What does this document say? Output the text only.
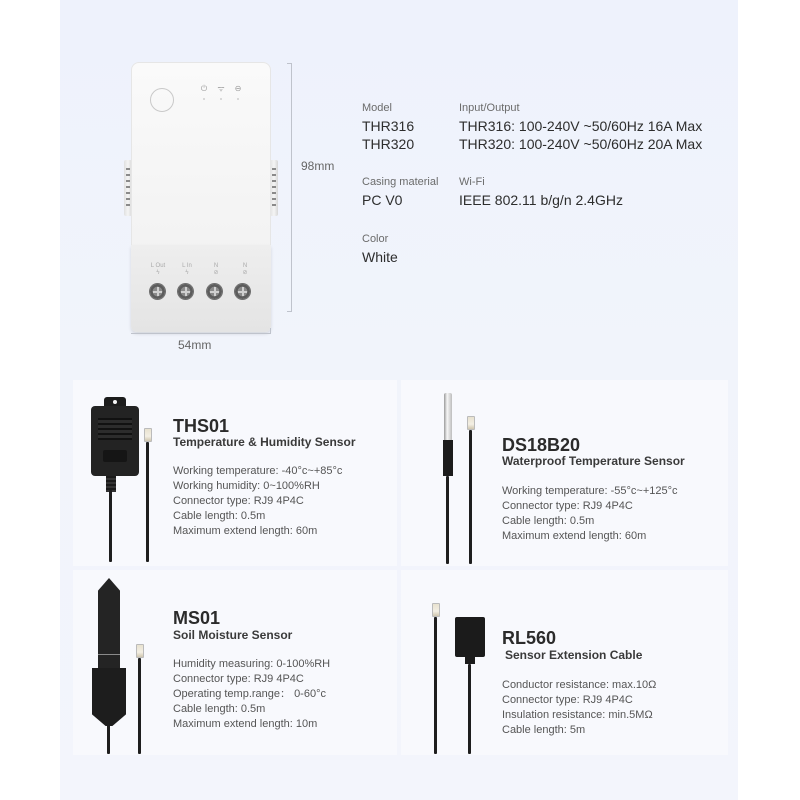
⏻ ᯤ ⊖
L Out
ϟ
L In
ϟ
N
⊘
N
⊘
98mm
54mm
Model
THR316
THR320
Input/Output
THR316: 100-240V ~50/60Hz 16A Max
THR320: 100-240V ~50/60Hz 20A Max
Casing material
PC V0
Wi-Fi
IEEE 802.11 b/g/n 2.4GHz
Color
White
THS01
Temperature & Humidity Sensor
Working temperature: -40°c~+85°c
Working humidity: 0~100%RH
Connector type: RJ9 4P4C
Cable length: 0.5m
Maximum extend length: 60m
DS18B20
Waterproof Temperature Sensor
Working temperature: -55°c~+125°c
Connector type: RJ9 4P4C
Cable length: 0.5m
Maximum extend length: 60m
MS01
Soil Moisture Sensor
Humidity measuring: 0-100%RH
Connector type: RJ9 4P4C
Operating temp.range： 0-60°c
Cable length: 0.5m
Maximum extend length: 10m
RL560
Sensor Extension Cable
Conductor resistance: max.10Ω
Connector type: RJ9 4P4C
Insulation resistance: min.5MΩ
Cable length: 5m
